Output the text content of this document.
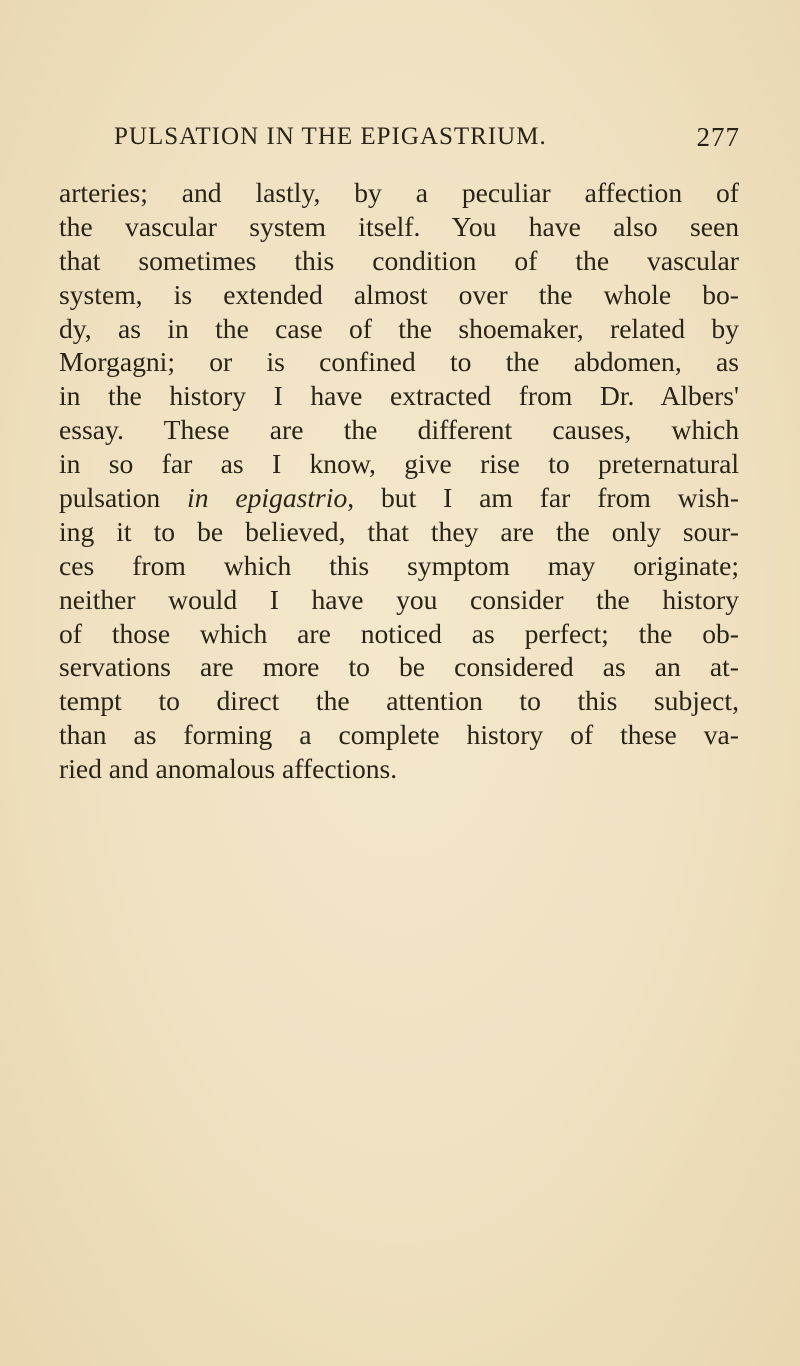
PULSATION IN THE EPIGASTRIUM.	277
arteries; and lastly, by a peculiar affection of
the vascular system itself. You have also seen
that sometimes this condition of the vascular
system, is extended almost over the whole bo-
dy, as in the case of the shoemaker, related by
Morgagni; or is confined to the abdomen, as
in the history I have extracted from Dr. Albers'
essay. These are the different causes, which
in so far as I know, give rise to preternatural
pulsation in epigastrio, but I am far from wish-
ing it to be believed, that they are the only sour-
ces from which this symptom may originate;
neither would I have you consider the history
of those which are noticed as perfect; the ob-
servations are more to be considered as an at-
tempt to direct the attention to this subject,
than as forming a complete history of these va-
ried and anomalous affections.
